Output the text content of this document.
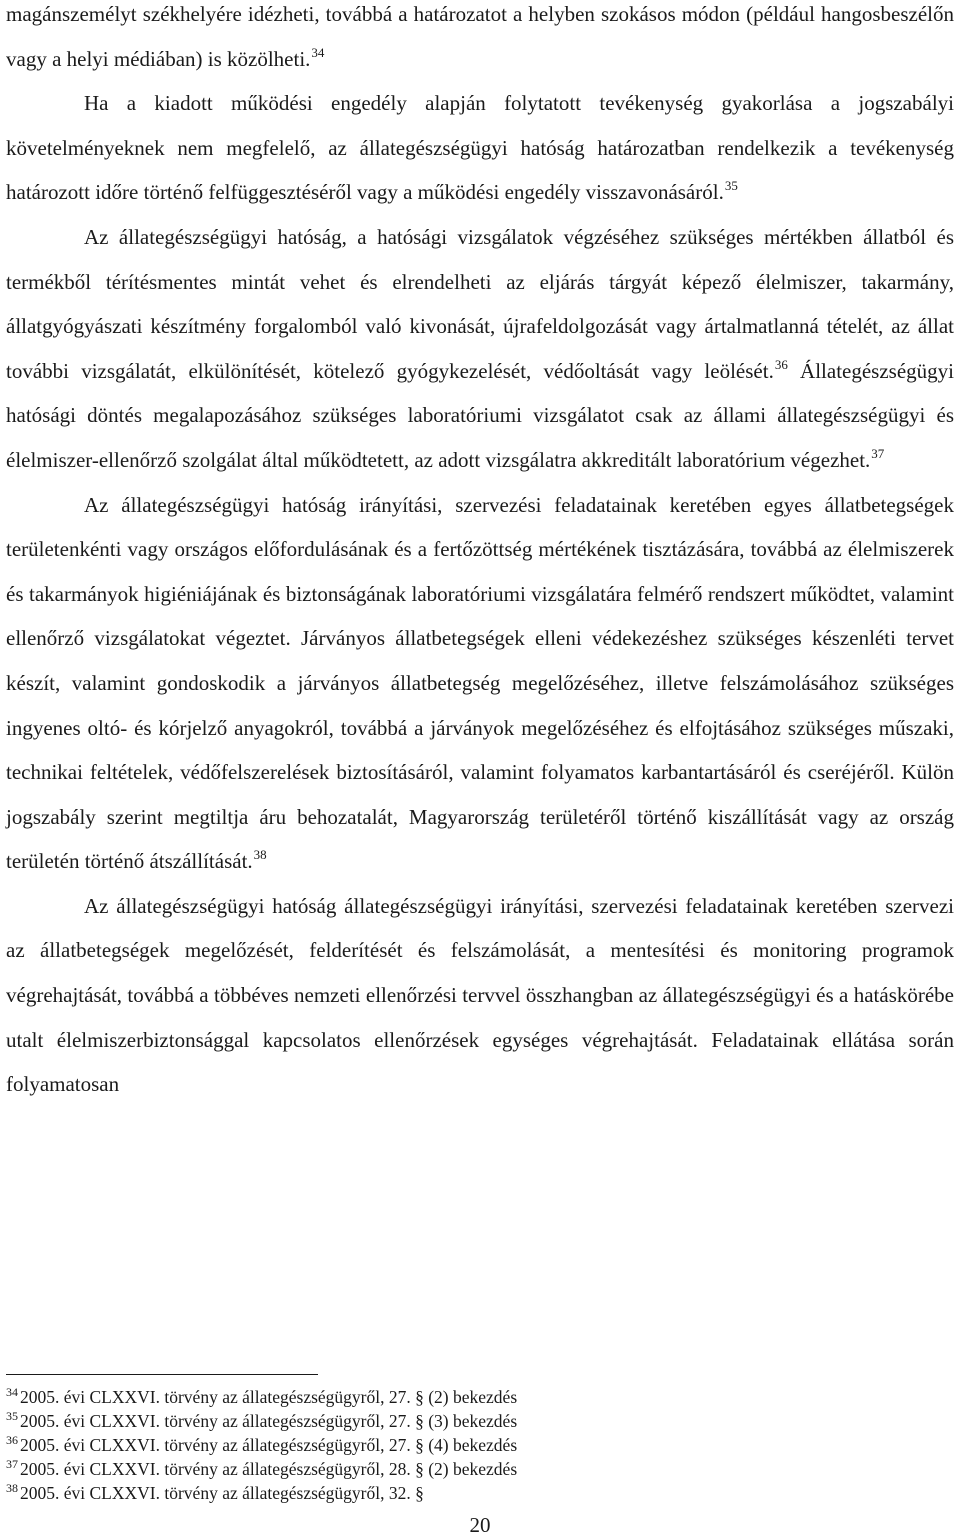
magánszemélyt székhelyére idézheti, továbbá a határozatot a helyben szokásos módon (például hangosbeszélőn vagy a helyi médiában) is közölheti.$^{34}$

Ha a kiadott működési engedély alapján folytatott tevékenység gyakorlása a jogszabályi követelményeknek nem megfelelő, az állategészségügyi hatóság határozatban rendelkezik a tevékenység határozott időre történő felfüggesztéséről vagy a működési engedély visszavonásáról.$^{35}$

Az állategészségügyi hatóság, a hatósági vizsgálatok végzéséhez szükséges mértékben állatból és termékből térítésmentes mintát vehet és elrendelheti az eljárás tárgyát képező élelmiszer, takarmány, állatgyógyászati készítmény forgalomból való kivonását, újrafeldolgozását vagy ártalmatlanná tételét, az állat további vizsgálatát, elkülönítését, kötelező gyógykezelését, védőoltását vagy leölését.$^{36}$ Állategészségügyi hatósági döntés megalapozásához szükséges laboratóriumi vizsgálatot csak az állami állategészségügyi és élelmiszer-ellenőrző szolgálat által működtetett, az adott vizsgálatra akkreditált laboratórium végezhet.$^{37}$

Az állategészségügyi hatóság irányítási, szervezési feladatainak keretében egyes állatbetegségek területenkénti vagy országos előfordulásának és a fertőzöttség mértékének tisztázására, továbbá az élelmiszerek és takarmányok higiéniájának és biztonságának laboratóriumi vizsgálatára felmérő rendszert működtet, valamint ellenőrző vizsgálatokat végeztet. Járványos állatbetegségek elleni védekezéshez szükséges készenléti tervet készít, valamint gondoskodik a járványos állatbetegség megelőzéséhez, illetve felszámolásához szükséges ingyenes oltó- és kórjelző anyagokról, továbbá a járványok megelőzéséhez és elfojtásához szükséges műszaki, technikai feltételek, védőfelszerelések biztosításáról, valamint folyamatos karbantartásáról és cseréjéről. Külön jogszabály szerint megtiltja áru behozatalát, Magyarország területéről történő kiszállítását vagy az ország területén történő átszállítását.$^{38}$

Az állategészségügyi hatóság állategészségügyi irányítási, szervezési feladatainak keretében szervezi az állatbetegségek megelőzését, felderítését és felszámolását, a mentesítési és monitoring programok végrehajtását, továbbá a többéves nemzeti ellenőrzési tervvel összhangban az állategészségügyi és a hatáskörébe utalt élelmiszerbiztonsággal kapcsolatos ellenőrzések egységes végrehajtását. Feladatainak ellátása során folyamatosan

$^{34}$ 2005. évi CLXXVI. törvény az állategészségügyről, 27. § (2) bekezdés
$^{35}$ 2005. évi CLXXVI. törvény az állategészségügyről, 27. § (3) bekezdés
$^{36}$ 2005. évi CLXXVI. törvény az állategészségügyről, 27. § (4) bekezdés
$^{37}$ 2005. évi CLXXVI. törvény az állategészségügyről, 28. § (2) bekezdés
$^{38}$ 2005. évi CLXXVI. törvény az állategészségügyről, 32. §
20
